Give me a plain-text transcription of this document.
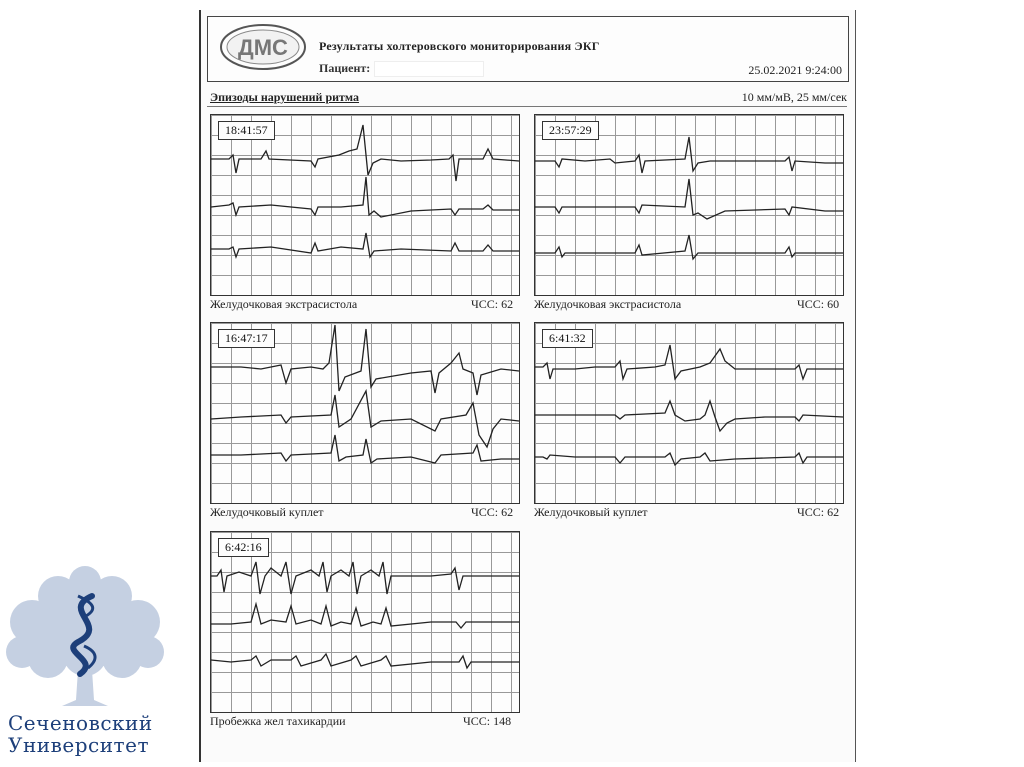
ДМС	Результаты холтеровского мониторирования ЭКГ
Пациент:	25.02.2021 9:24:00
Эпизоды нарушений ритма	10 мм/мВ, 25 мм/сек
18:41:57
Желудочковая экстрасистола	ЧСС: 62
23:57:29
Желудочковая экстрасистола	ЧСС: 60
16:47:17
Желудочковый куплет	ЧСС: 62
6:41:32
Желудочковый куплет	ЧСС: 62
6:42:16
Пробежка жел тахикардии	ЧСС: 148
Сеченовский
Университет
